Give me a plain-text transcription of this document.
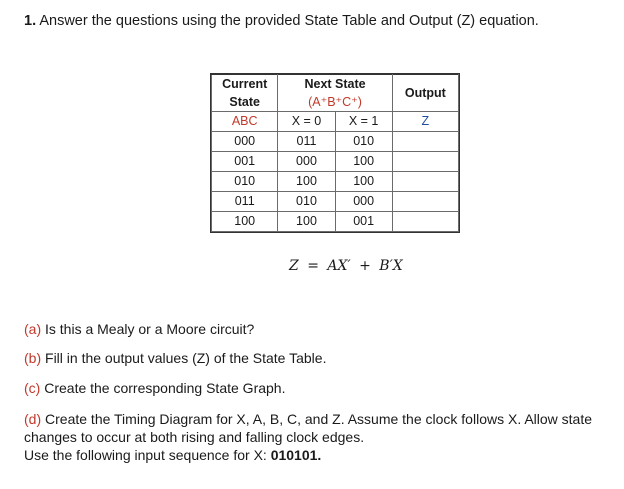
1. Answer the questions using the provided State Table and Output (Z) equation.
Current	Next State		Output
State	(A⁺B⁺C⁺)		
ABC	X = 0	X = 1	Z
000	011	010	
001	000	100	
010	100	100	
011	010	000	
100	100	001	
Z = AX′ + B′X
(a) Is this a Mealy or a Moore circuit?
(b) Fill in the output values (Z) of the State Table.
(c) Create the corresponding State Graph.
(d) Create the Timing Diagram for X, A, B, C, and Z. Assume the clock follows X. Allow state
changes to occur at both rising and falling clock edges.
Use the following input sequence for X: 010101.
